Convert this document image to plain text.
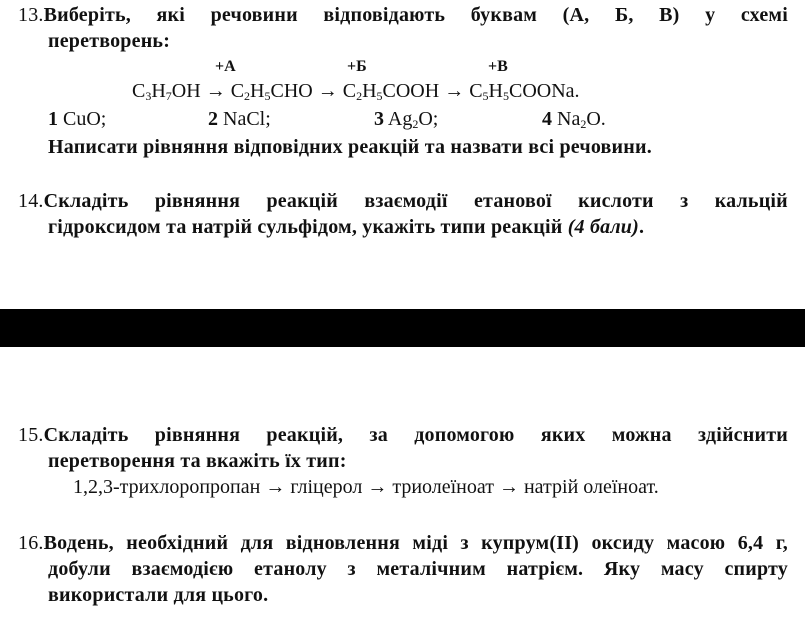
13.Виберіть, які речовини відповідають буквам (А, Б, В) у схемі
перетворень:
+А	+Б	+В
$C_3H_7OH \to C_2H_5CHO$ → $C_2H_5COOH$ → $C_5H_5COONa$.
1 CuO;	2 NaCl;	3 $Ag_2O$;	4 $Na_2O$.
Написати рівняння відповідних реакцій та назвати всі речовини.
14.Складіть рівняння реакцій взаємодії етанової кислоти з кальцій
гідроксидом та натрій сульфідом, укажіть типи реакцій (4 бали).
15.Складіть рівняння реакцій, за допомогою яких можна здійснити
перетворення та вкажіть їх тип:
1,2,3-трихлоропропан → гліцерол → триолеїноат → натрій олеїноат.
16.Водень, необхідний для відновлення міді з купрум(ІІ) оксиду масою 6,4 г,
добули взаємодією етанолу з металічним натрієм. Яку масу спирту
використали для цього.
